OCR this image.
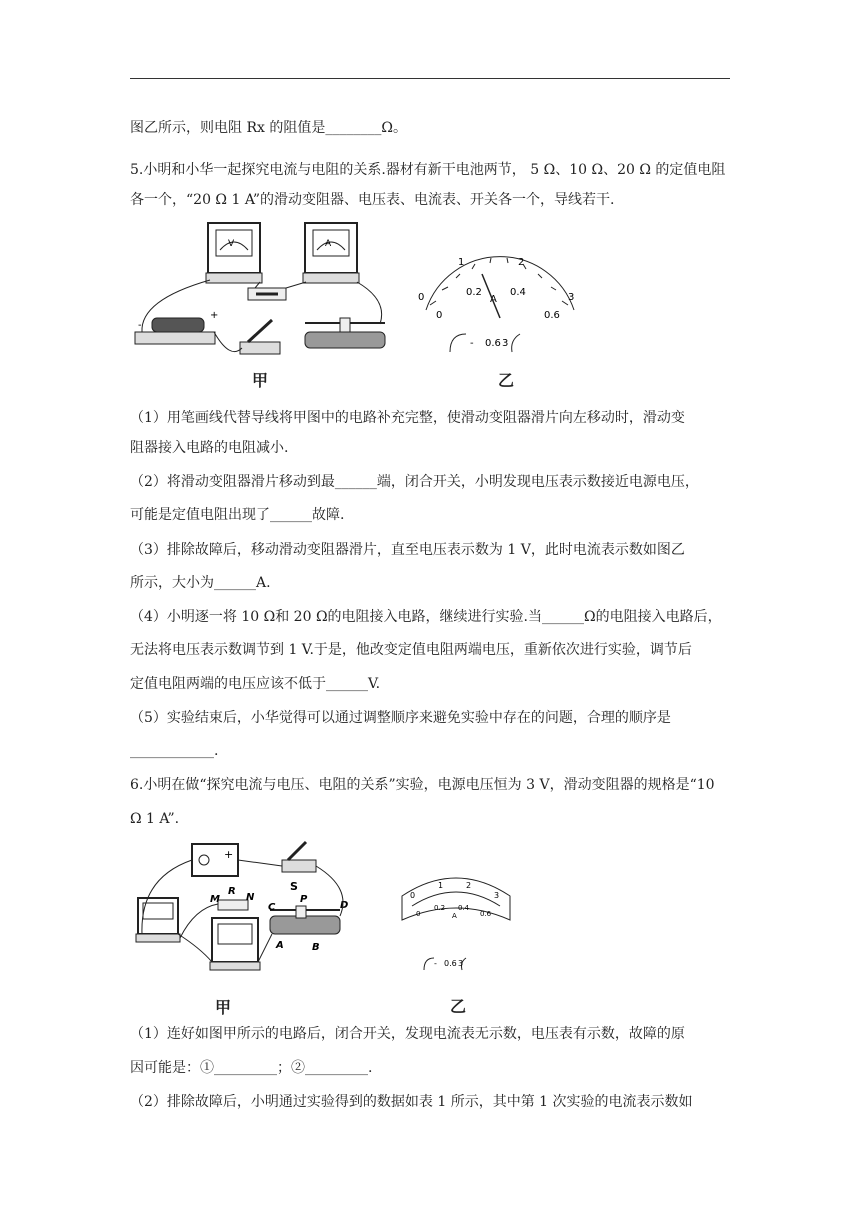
图乙所示，则电阻 Rx 的阻值是________Ω。
5.小明和小华一起探究电流与电阻的关系.器材有新干电池两节， 5 Ω、10 Ω、20 Ω 的定值电阻
各一个，“20 Ω 1 A”的滑动变阻器、电压表、电流表、开关各一个，导线若干.
V	A
-
+
甲
1	2
0	3
0
0.2	0.4
0.6
A
- 0.6 3
乙
（1）用笔画线代替导线将甲图中的电路补充完整，使滑动变阻器滑片向左移动时，滑动变
阻器接入电路的电阻减小.
（2）将滑动变阻器滑片移动到最______端，闭合开关，小明发现电压表示数接近电源电压，
可能是定值电阻出现了______故障.
（3）排除故障后，移动滑动变阻器滑片，直至电压表示数为 1 V，此时电流表示数如图乙
所示，大小为______A.
（4）小明逐一将 10 Ω和 20 Ω的电阻接入电路，继续进行实验.当______Ω的电阻接入电路后，
无法将电压表示数调节到 1 V.于是，他改变定值电阻两端电压，重新依次进行实验，调节后
定值电阻两端的电压应该不低于______V.
（5）实验结束后，小华觉得可以通过调整顺序来避免实验中存在的问题，合理的顺序是
____________.
6.小明在做“探究电流与电压、电阻的关系”实验，电源电压恒为 3 V，滑动变阻器的规格是“10
Ω 1 A”.
+
S
M
R
N
C
P
D
A	B
甲
0
1	2
3
0
0.2 0.4
0.6
A
- 0.6 3
乙
（1）连好如图甲所示的电路后，闭合开关，发现电流表无示数，电压表有示数，故障的原
因可能是：①_________；②_________.
（2）排除故障后，小明通过实验得到的数据如表 1 所示，其中第 1 次实验的电流表示数如
